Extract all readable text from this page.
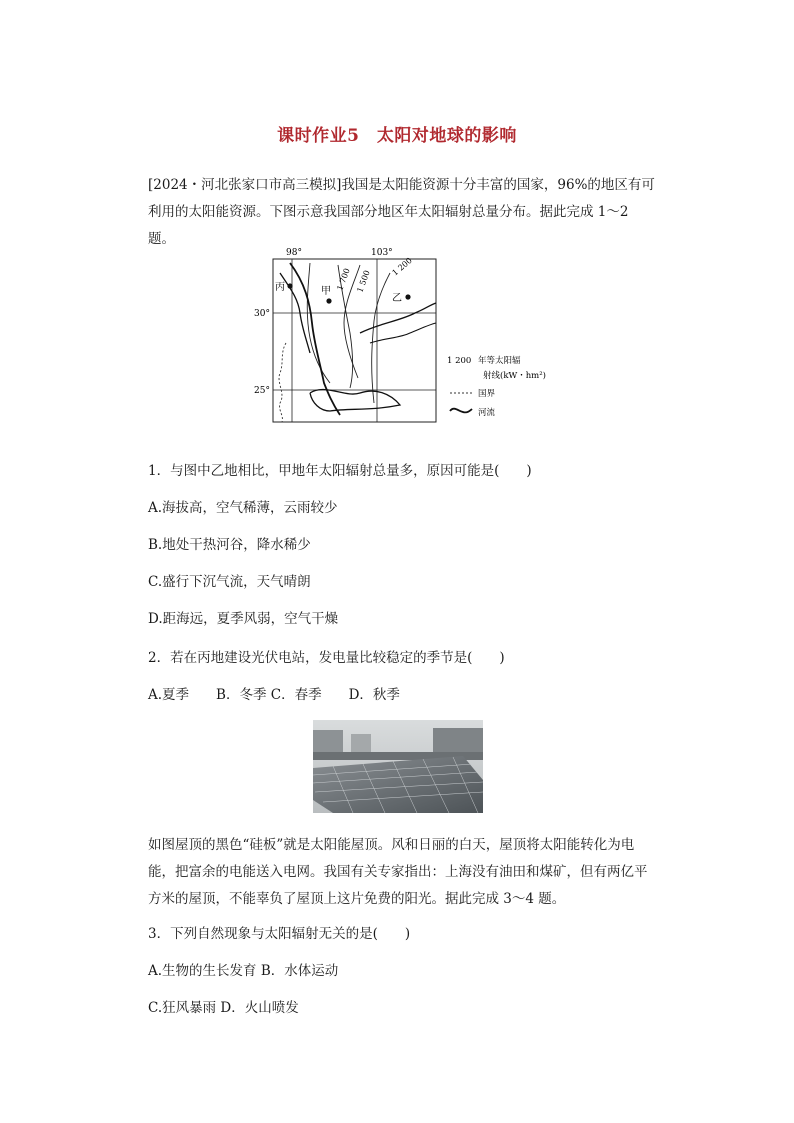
课时作业5　太阳对地球的影响
[2024・河北张家口市高三模拟]我国是太阳能资源十分丰富的国家，96%的地区有可利用的太阳能资源。下图示意我国部分地区年太阳辐射总量分布。据此完成 1～2 题。
98°	103°
30°
25°
1 700 1 500
1 200
丙	甲
乙
1 200 年等太阳辐
射线(kW・hm²)
国界
河流
1．与图中乙地相比，甲地年太阳辐射总量多，原因可能是(　　)
A.海拔高，空气稀薄，云雨较少
B.地处干热河谷，降水稀少
C.盛行下沉气流，天气晴朗
D.距海远，夏季风弱，空气干燥
2．若在丙地建设光伏电站，发电量比较稳定的季节是(　　)
A.夏季　　B．冬季 C．春季　　D．秋季
如图屋顶的黑色“硅板”就是太阳能屋顶。风和日丽的白天，屋顶将太阳能转化为电能，把富余的电能送入电网。我国有关专家指出：上海没有油田和煤矿，但有两亿平方米的屋顶，不能辜负了屋顶上这片免费的阳光。据此完成 3～4 题。
3．下列自然现象与太阳辐射无关的是(　　)
A.生物的生长发育 B．水体运动
C.狂风暴雨 D．火山喷发
